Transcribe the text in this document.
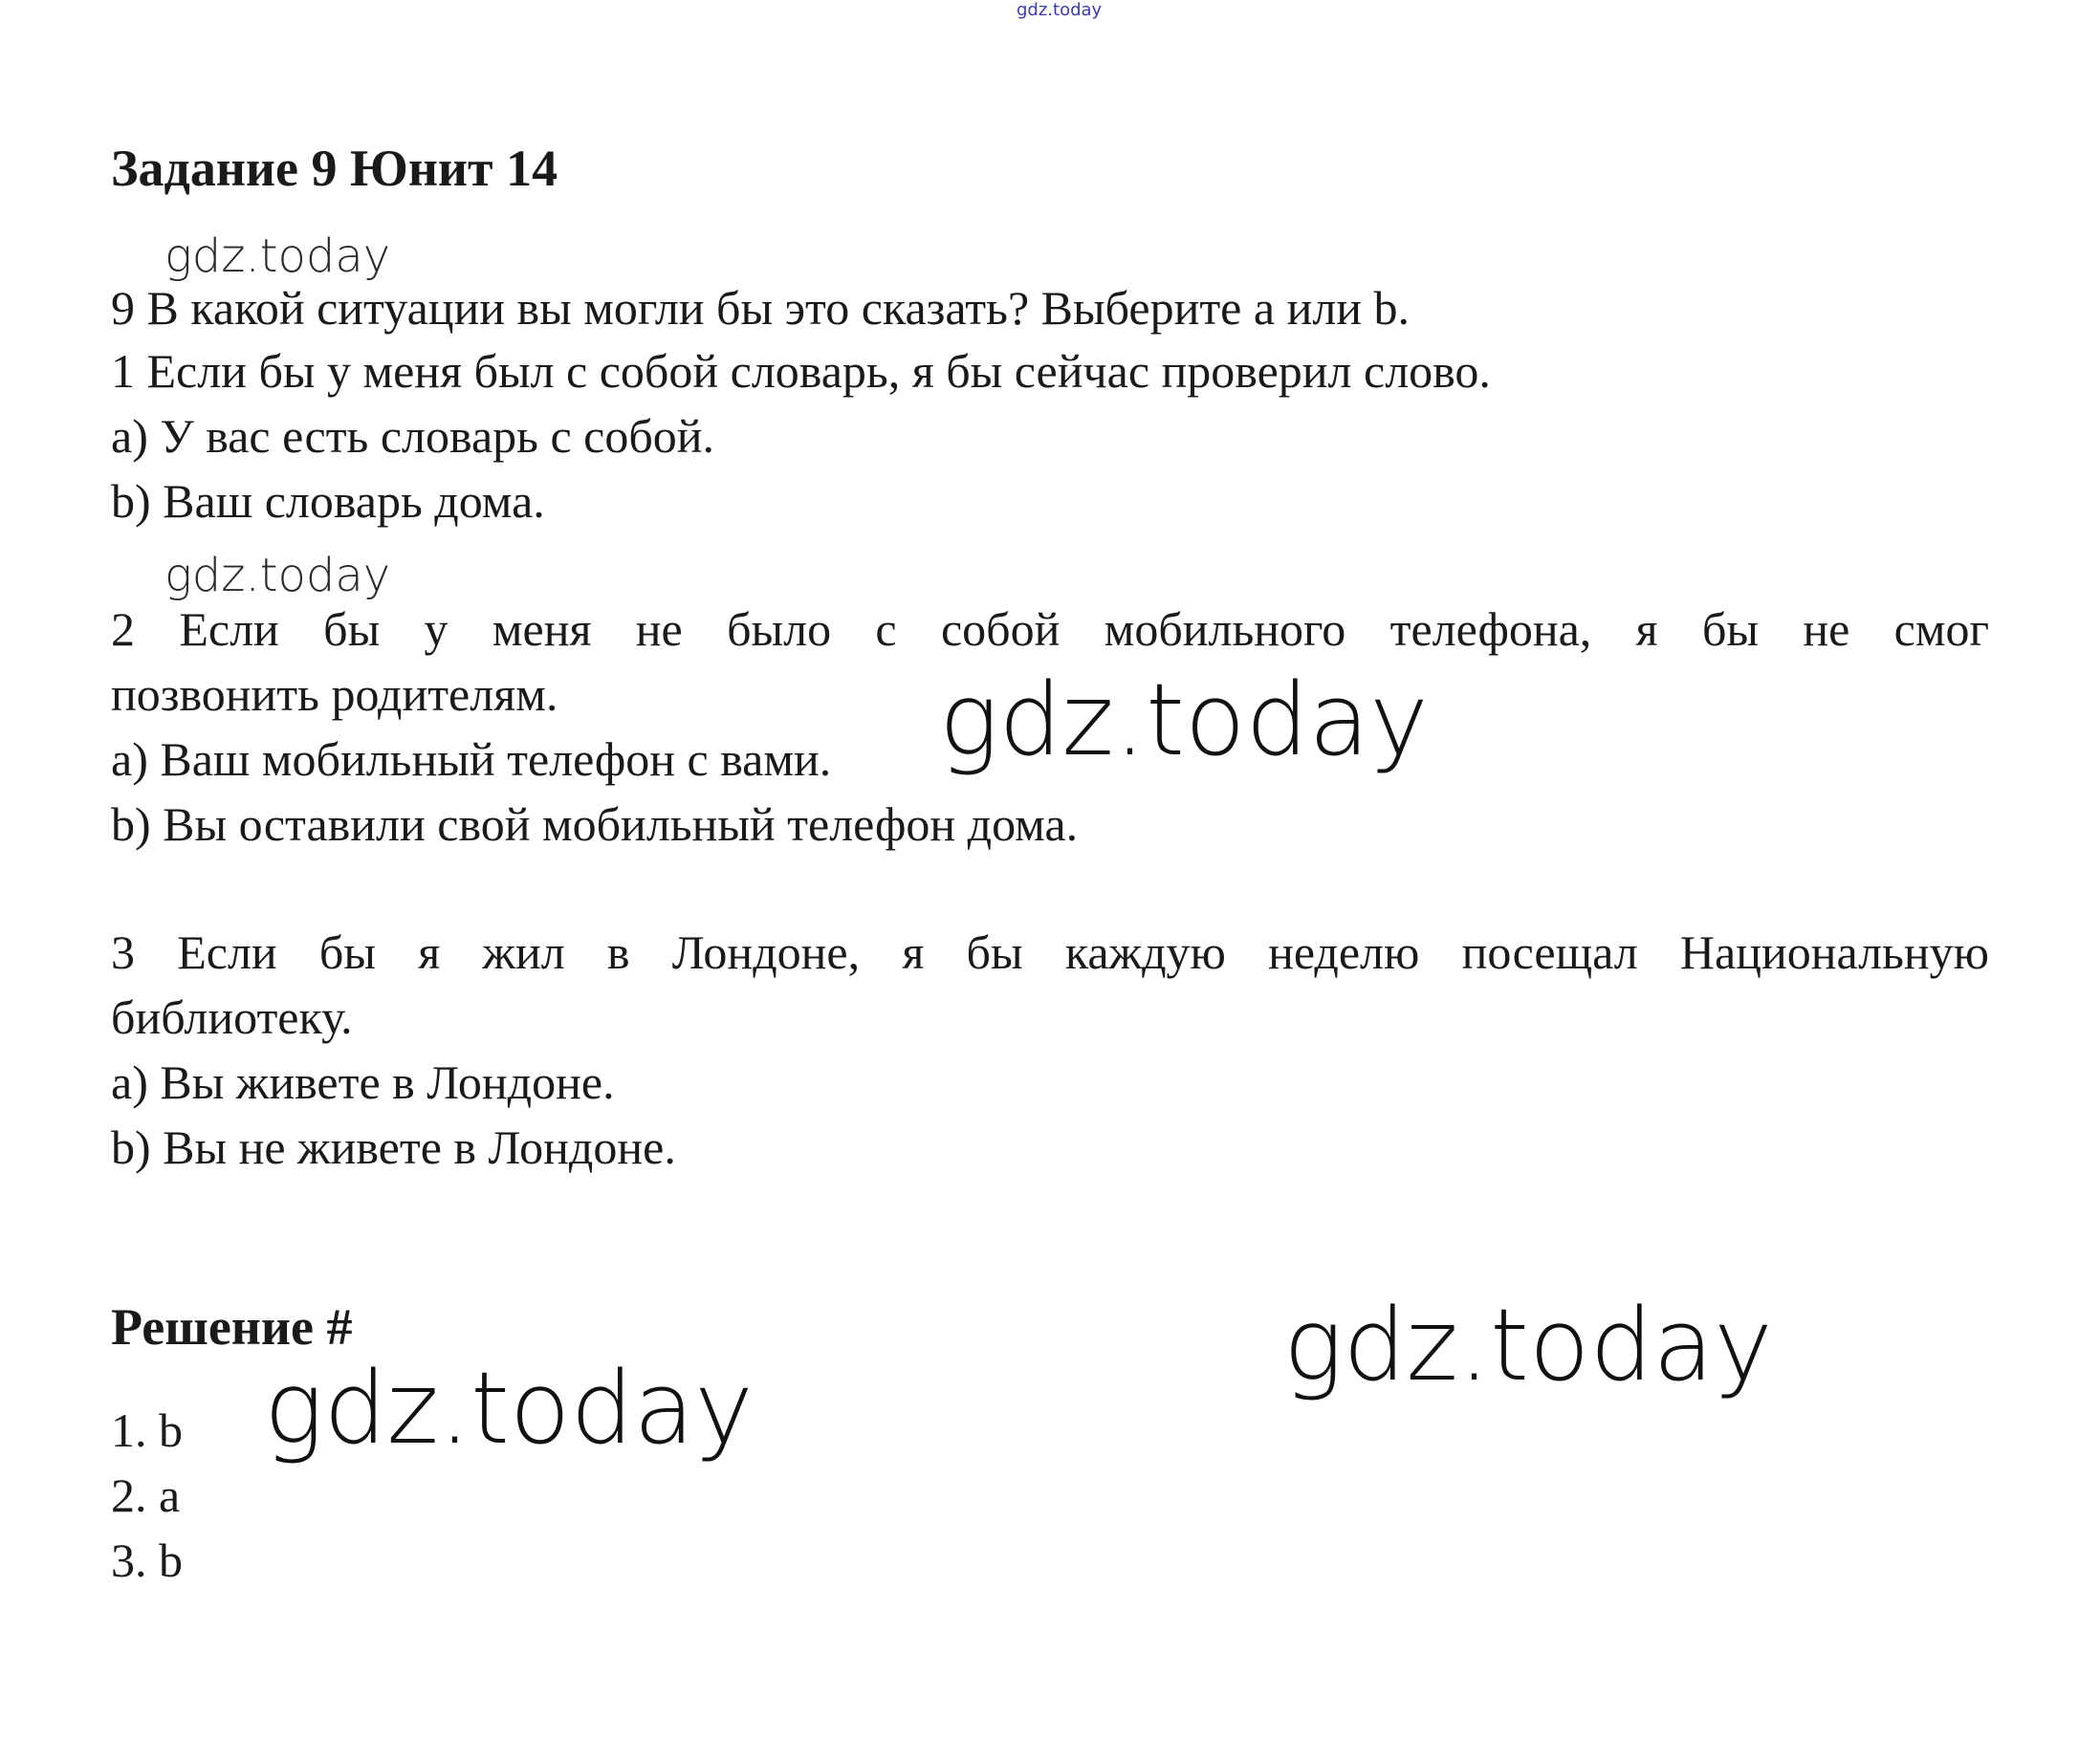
gdz.today
Задание 9 Юнит 14
gdz.today
9 В какой ситуации вы могли бы это сказать? Выберите a или b.
1 Если бы у меня был с собой словарь, я бы сейчас проверил слово.
a) У вас есть словарь с собой.
b) Ваш словарь дома.
gdz.today
2 Если бы у меня не было с собой мобильного телефона, я бы не смог
позвонить родителям.
a) Ваш мобильный телефон с вами.
b) Вы оставили свой мобильный телефон дома.
gdz.today
3 Если бы я жил в Лондоне, я бы каждую неделю посещал Национальную
библиотеку.
a) Вы живете в Лондоне.
b) Вы не живете в Лондоне.
Решение #	gdz.today
gdz.today
1. b
2. a
3. b
